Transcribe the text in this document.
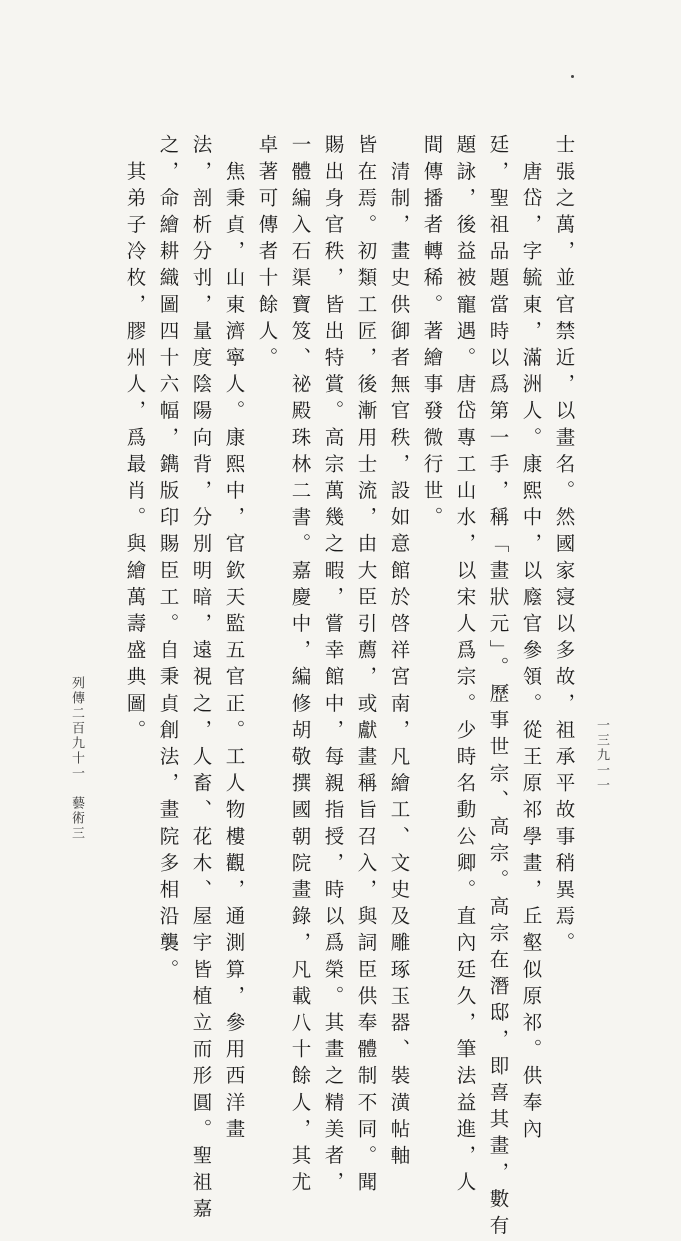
士張之萬，並官禁近，以畫名。然國家寖以多故，祖承平故事稍異焉。
　唐岱，字毓東，滿洲人。康熙中，以廕官參領。從王原祁學畫，丘壑似原祁。供奉內
廷，聖祖品題當時以爲第一手，稱「畫狀元」。歷事世宗、高宗。高宗在潛邸，即喜其畫，數有
題詠，後益被寵遇。唐岱專工山水，以宋人爲宗。少時名動公卿。直內廷久，筆法益進，人
間傳播者轉稀。著繪事發微行世。
　清制，畫史供御者無官秩，設如意館於啓祥宮南，凡繪工、文史及雕琢玉器、裝潢帖軸
皆在焉。初類工匠，後漸用士流，由大臣引薦，或獻畫稱旨召入，與詞臣供奉體制不同。聞
賜出身官秩，皆出特賞。高宗萬幾之暇，嘗幸館中，每親指授，時以爲榮。其畫之精美者，
一體編入石渠寶笈、祕殿珠林二書。嘉慶中，編修胡敬撰國朝院畫錄，凡載八十餘人，其尤
卓著可傳者十餘人。
　焦秉貞，山東濟寧人。康熙中，官欽天監五官正。工人物樓觀，通測算，參用西洋畫
法，剖析分刌，量度陰陽向背，分別明暗，遠視之，人畜、花木、屋宇皆植立而形圓。聖祖嘉
之，命繪耕織圖四十六幅，鐫版印賜臣工。自秉貞創法，畫院多相沿襲。
　其弟子冷枚，膠州人，爲最肖。與繪萬壽盛典圖。
一三九一一
列傳二百九十一　藝術三
